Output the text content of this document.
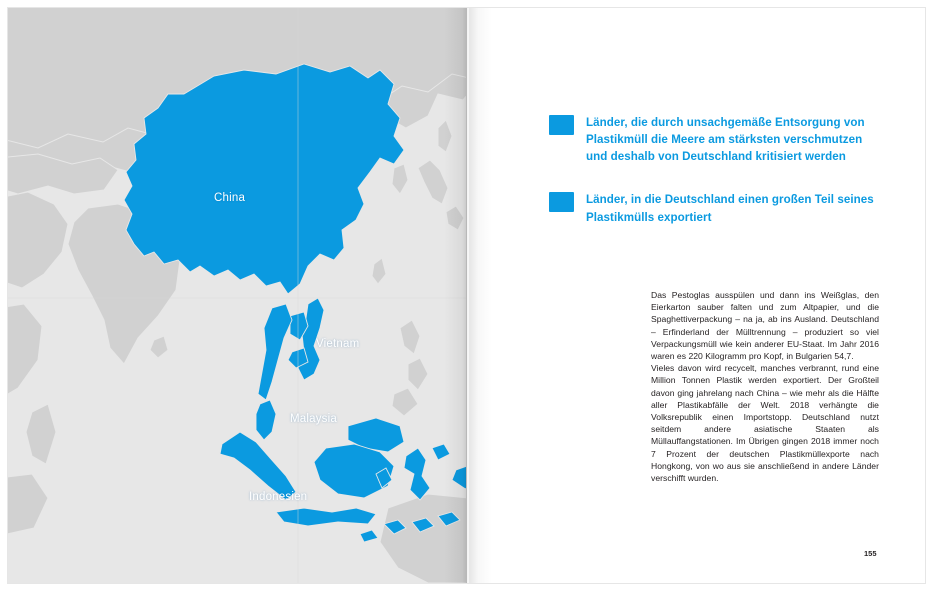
China
Vietnam
Malaysia
Indonesien
Länder, die durch unsachgemäße Entsorgung von Plastikmüll die Meere am stärksten verschmutzen und deshalb von Deutschland kritisiert werden
Länder, in die Deutschland einen großen Teil seines Plastikmülls exportiert

Das Pestoglas ausspülen und dann ins Weißglas, den Eierkarton sauber falten und zum Altpapier, und die Spaghettiverpackung – na ja, ab ins Ausland. Deutschland – Erfinderland der Mülltrennung – produziert so viel Verpackungsmüll wie kein anderer EU-Staat. Im Jahr 2016 waren es 220 Kilogramm pro Kopf, in Bulgarien 54,7.

Vieles davon wird recycelt, manches verbrannt, rund eine Million Tonnen Plastik werden exportiert. Der Großteil davon ging jahrelang nach China – wie mehr als die Hälfte aller Plastikabfälle der Welt. 2018 verhängte die Volksrepublik einen Importstopp. Deutschland nutzt seitdem andere asiatische Staaten als Müllauffangstationen. Im Übrigen gingen 2018 immer noch 7 Prozent der deutschen Plastikmüllexporte nach Hongkong, von wo aus sie anschließend in andere Länder verschifft wurden.

155
